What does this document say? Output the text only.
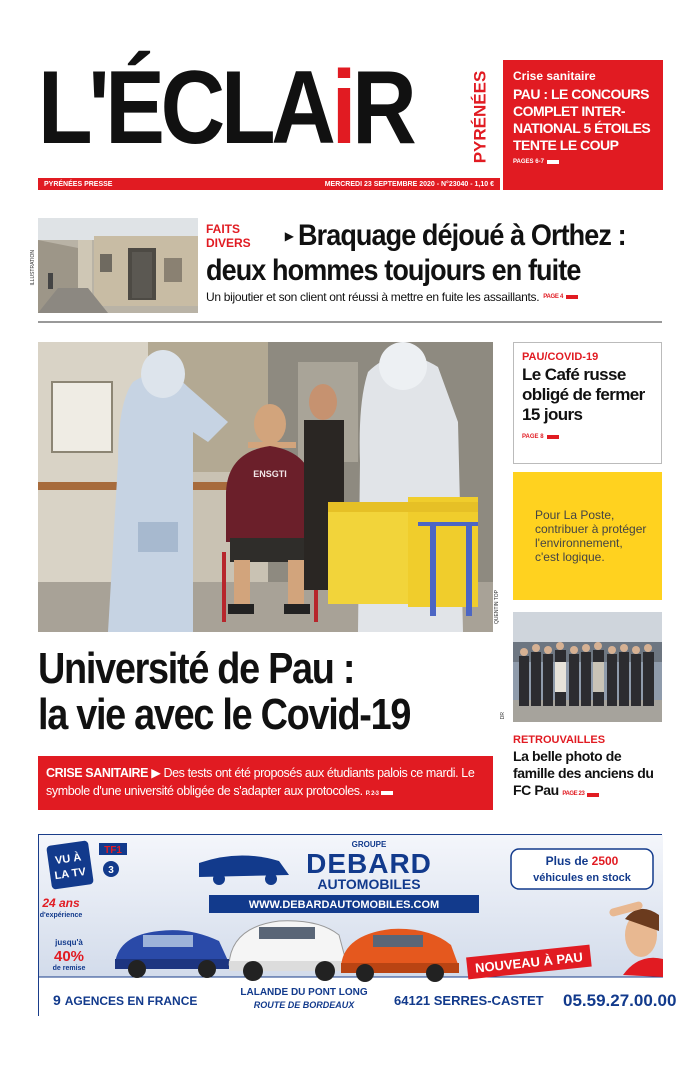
L'ÉCLAiR	PYRÉNÉES Crise sanitaire
PAU : LE CONCOURS COMPLET INTER-NATIONAL 5 ÉTOILES TENTE LE COUP
PAGES 6-7
PYRÉNÉES PRESSE	MERCREDI 23 SEPTEMBRE 2020 - N°23040 - 1,10 €
ILLUSTRATION
FAITS DIVERS	▶ Braquage déjoué à Orthez :
deux hommes toujours en fuite
Un bijoutier et son client ont réussi à mettre en fuite les assaillants. PAGE 4
ENSGTI
QUENTIN TOP
PAU/COVID-19
Le Café russe obligé de fermer 15 jours
PAGE 8
Pour La Poste, contribuer à protéger l'environnement, c'est logique.
DR
RETROUVAILLES
La belle photo de famille des anciens du FC Pau PAGE 23
Université de Pau :
la vie avec le Covid-19
CRISE SANITAIRE ▶ Des tests ont été proposés aux étudiants palois ce mardi. Le symbole d'une université obligée de s'adapter aux protocoles. P. 2-3
VU À
LA TV
TF1
3
GROUPE
DEBARD
AUTOMOBILES
WWW.DEBARDAUTOMOBILES.COM
Plus de 2500
véhicules en stock
24 ans
d'expérience
jusqu'à
40%
de remise	NOUVEAU À PAU
9 AGENCES EN FRANCE
LALANDE DU PONT LONG
ROUTE DE BORDEAUX	64121 SERRES-CASTET 05.59.27.00.00
